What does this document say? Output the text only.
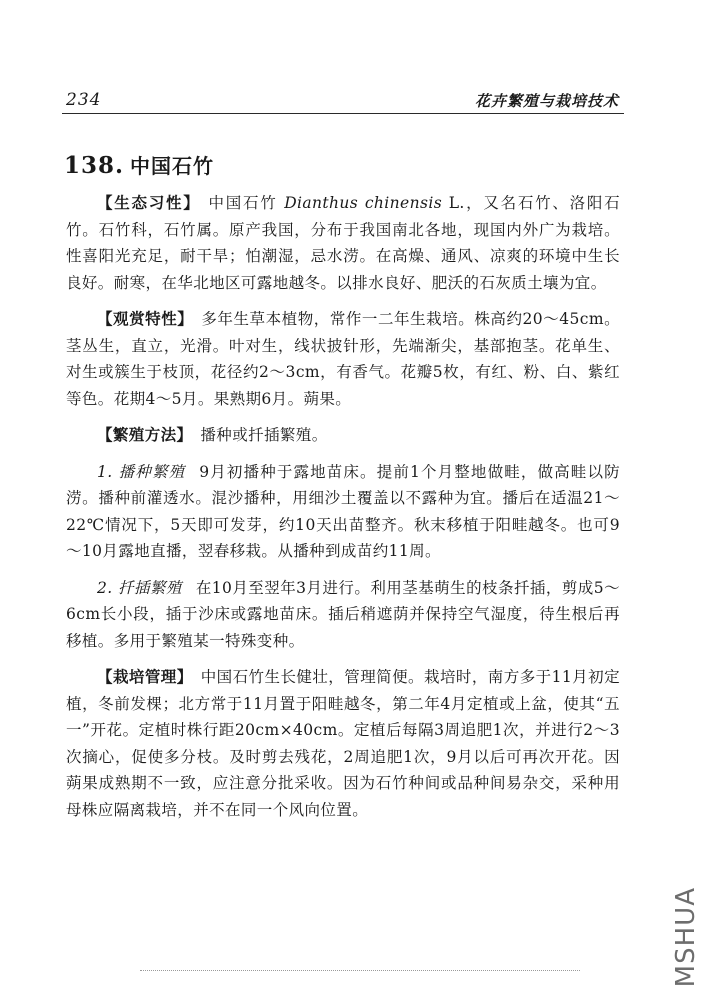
234	花卉繁殖与栽培技术
138. 中国石竹

【生态习性】 中国石竹 Dianthus chinensis L.，又名石竹、洛阳石竹。石竹科，石竹属。原产我国，分布于我国南北各地，现国内外广为栽培。性喜阳光充足，耐干旱；怕潮湿，忌水涝。在高燥、通风、凉爽的环境中生长良好。耐寒，在华北地区可露地越冬。以排水良好、肥沃的石灰质土壤为宜。

【观赏特性】 多年生草本植物，常作一二年生栽培。株高约20～45cm。茎丛生，直立，光滑。叶对生，线状披针形，先端渐尖，基部抱茎。花单生、对生或簇生于枝顶，花径约2～3cm，有香气。花瓣5枚，有红、粉、白、紫红等色。花期4～5月。果熟期6月。蒴果。

【繁殖方法】 播种或扦插繁殖。

1. 播种繁殖 9月初播种于露地苗床。提前1个月整地做畦，做高畦以防涝。播种前灌透水。混沙播种，用细沙土覆盖以不露种为宜。播后在适温21～22℃情况下，5天即可发芽，约10天出苗整齐。秋末移植于阳畦越冬。也可9～10月露地直播，翌春移栽。从播种到成苗约11周。

2. 扦插繁殖 在10月至翌年3月进行。利用茎基萌生的枝条扦插，剪成5～6cm长小段，插于沙床或露地苗床。插后稍遮荫并保持空气湿度，待生根后再移植。多用于繁殖某一特殊变种。

【栽培管理】 中国石竹生长健壮，管理简便。栽培时，南方多于11月初定植，冬前发棵；北方常于11月置于阳畦越冬，第二年4月定植或上盆，使其“五一”开花。定植时株行距20cm×40cm。定植后每隔3周追肥1次，并进行2～3次摘心，促使多分枝。及时剪去残花，2周追肥1次，9月以后可再次开花。因蒴果成熟期不一致，应注意分批采收。因为石竹种间或品种间易杂交，采种用母株应隔离栽培，并不在同一个风向位置。

MSHUA
